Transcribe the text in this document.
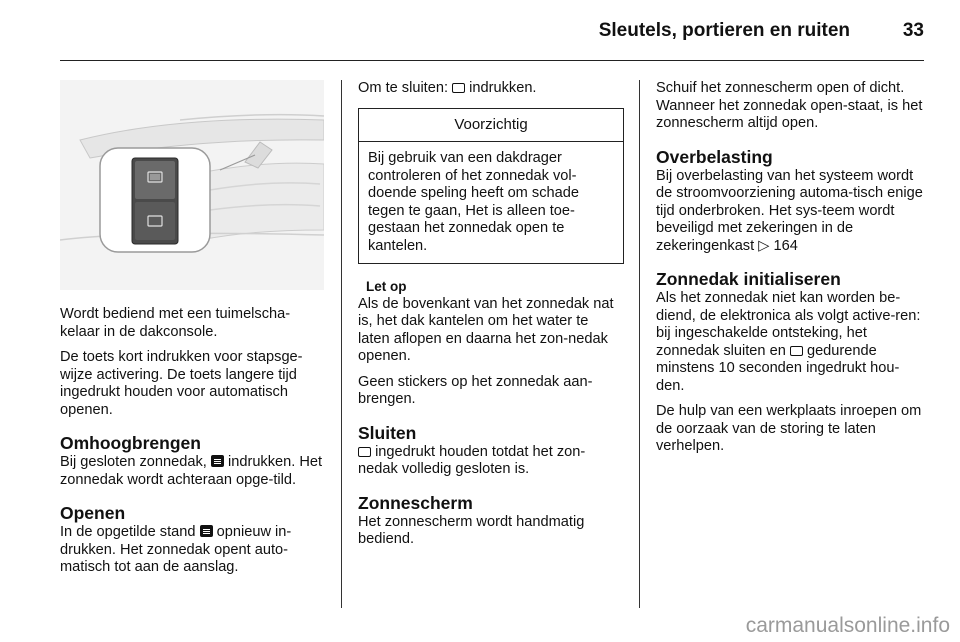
Sleutels, portieren en ruiten	33

Wordt bediend met een tuimelscha-kelaar in de dakconsole.

De toets kort indrukken voor stapsge-wijze activering. De toets langere tijd ingedrukt houden voor automatisch openen.

Omhoogbrengen

Bij gesloten zonnedak, indrukken. Het zonnedak wordt achteraan opge-tild.

Openen

In de opgetilde stand opnieuw in-drukken. Het zonnedak opent auto-matisch tot aan de aanslag.

Om te sluiten: indrukken.

Voorzichtig
Bij gebruik van een dakdrager controleren of het zonnedak vol-doende speling heeft om schade tegen te gaan, Het is alleen toe-gestaan het zonnedak open te kantelen.
Let op

Als de bovenkant van het zonnedak nat is, het dak kantelen om het water te laten aflopen en daarna het zon-nedak openen.

Geen stickers op het zonnedak aan-brengen.

Sluiten

ingedrukt houden totdat het zon-nedak volledig gesloten is.

Zonnescherm

Het zonnescherm wordt handmatig bediend.

Schuif het zonnescherm open of dicht. Wanneer het zonnedak open-staat, is het zonnescherm altijd open.

Overbelasting

Bij overbelasting van het systeem wordt de stroomvoorziening automa-tisch enige tijd onderbroken. Het sys-teem wordt beveiligd met zekeringen in de zekeringenkast ▷ 164

Zonnedak initialiseren

Als het zonnedak niet kan worden be-diend, de elektronica als volgt active-ren: bij ingeschakelde ontsteking, het zonnedak sluiten en gedurende minstens 10 seconden ingedrukt hou-den.

De hulp van een werkplaats inroepen om de oorzaak van de storing te laten verhelpen.

carmanualsonline.info
